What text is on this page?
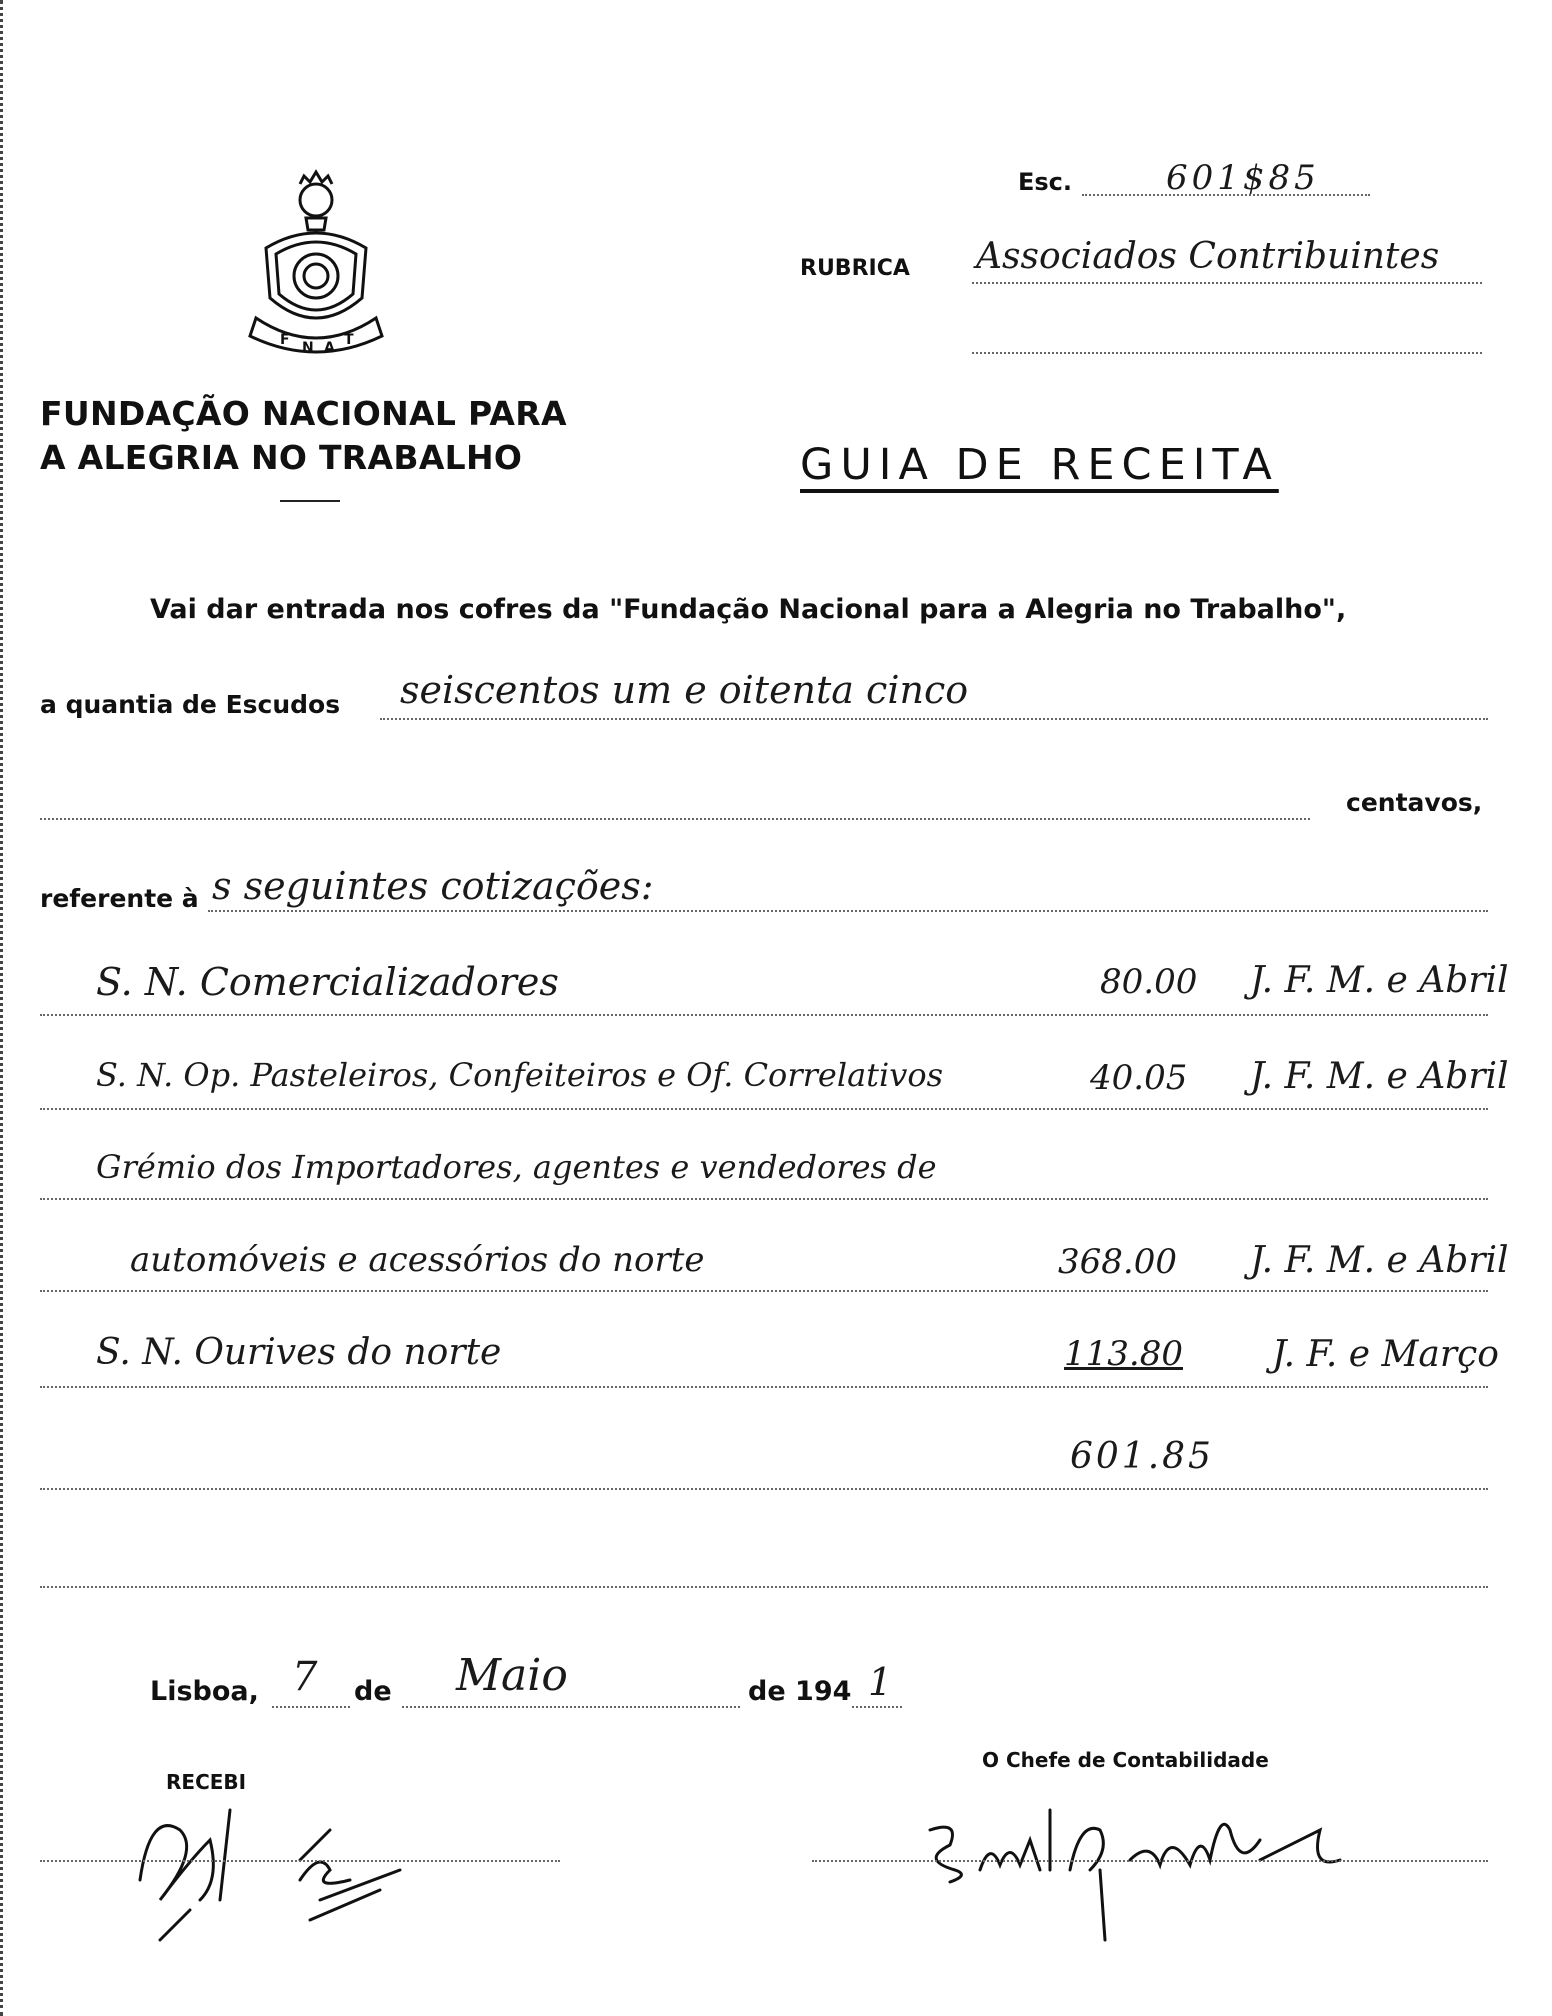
F N A T
FUNDAÇÃO NACIONAL PARA
A ALEGRIA NO TRABALHO
Esc.	601$85
RUBRICA Associados Contribuintes
GUIA DE RECEITA
Vai dar entrada nos cofres da "Fundação Nacional para a Alegria no Trabalho",
a quantia de Escudos seiscentos um e oitenta cinco
centavos,
referente à s seguintes cotizações:
S. N. Comercializadores	80.00 J. F. M. e Abril
S. N. Op. Pasteleiros, Confeiteiros e Of. Correlativos	40.05 J. F. M. e Abril
Grémio dos Importadores, agentes e vendedores de
automóveis e acessórios do norte	368.00 J. F. M. e Abril
S. N. Ourives do norte	113.80 J. F. e Março
601.85
Lisboa, 7 de Maio	de 194 1
RECEBI
O Chefe de Contabilidade
